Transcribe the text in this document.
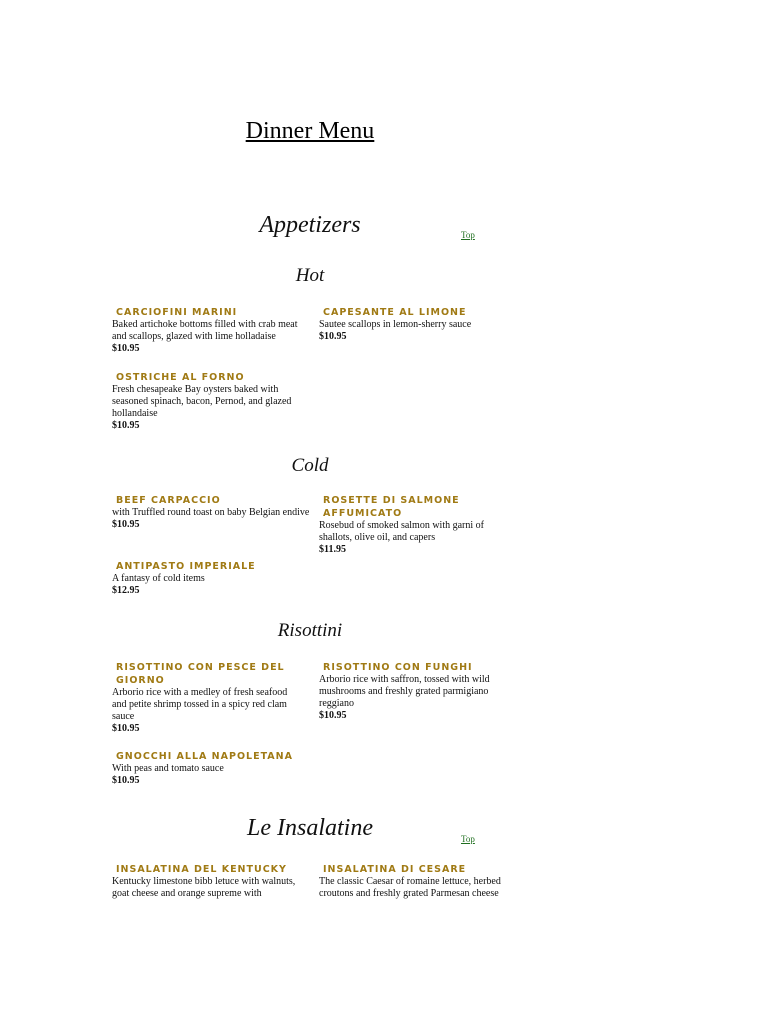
Dinner Menu
Appetizers	Top
Hot
CARCIOFINI MARINI
Baked artichoke bottoms filled with crab meat and scallops, glazed with lime holladaise
$10.95
CAPESANTE AL LIMONE
Sautee scallops in lemon-sherry sauce
$10.95
OSTRICHE AL FORNO
Fresh chesapeake Bay oysters baked with seasoned spinach, bacon, Pernod, and glazed hollandaise
$10.95
Cold
BEEF CARPACCIO
with Truffled round toast on baby Belgian endive
$10.95
ROSETTE DI SALMONE AFFUMICATO
Rosebud of smoked salmon with garni of shallots, olive oil, and capers
$11.95
ANTIPASTO IMPERIALE
A fantasy of cold items
$12.95
Risottini
RISOTTINO CON PESCE DEL GIORNO
Arborio rice with a medley of fresh seafood and petite shrimp tossed in a spicy red clam sauce
$10.95
RISOTTINO CON FUNGHI
Arborio rice with saffron, tossed with wild mushrooms and freshly grated parmigiano reggiano
$10.95
GNOCCHI ALLA NAPOLETANA
With peas and tomato sauce
$10.95
Le Insalatine	Top
INSALATINA DEL KENTUCKY
Kentucky limestone bibb letuce with walnuts, goat cheese and orange supreme with
INSALATINA DI CESARE
The classic Caesar of romaine lettuce, herbed croutons and freshly grated Parmesan cheese
